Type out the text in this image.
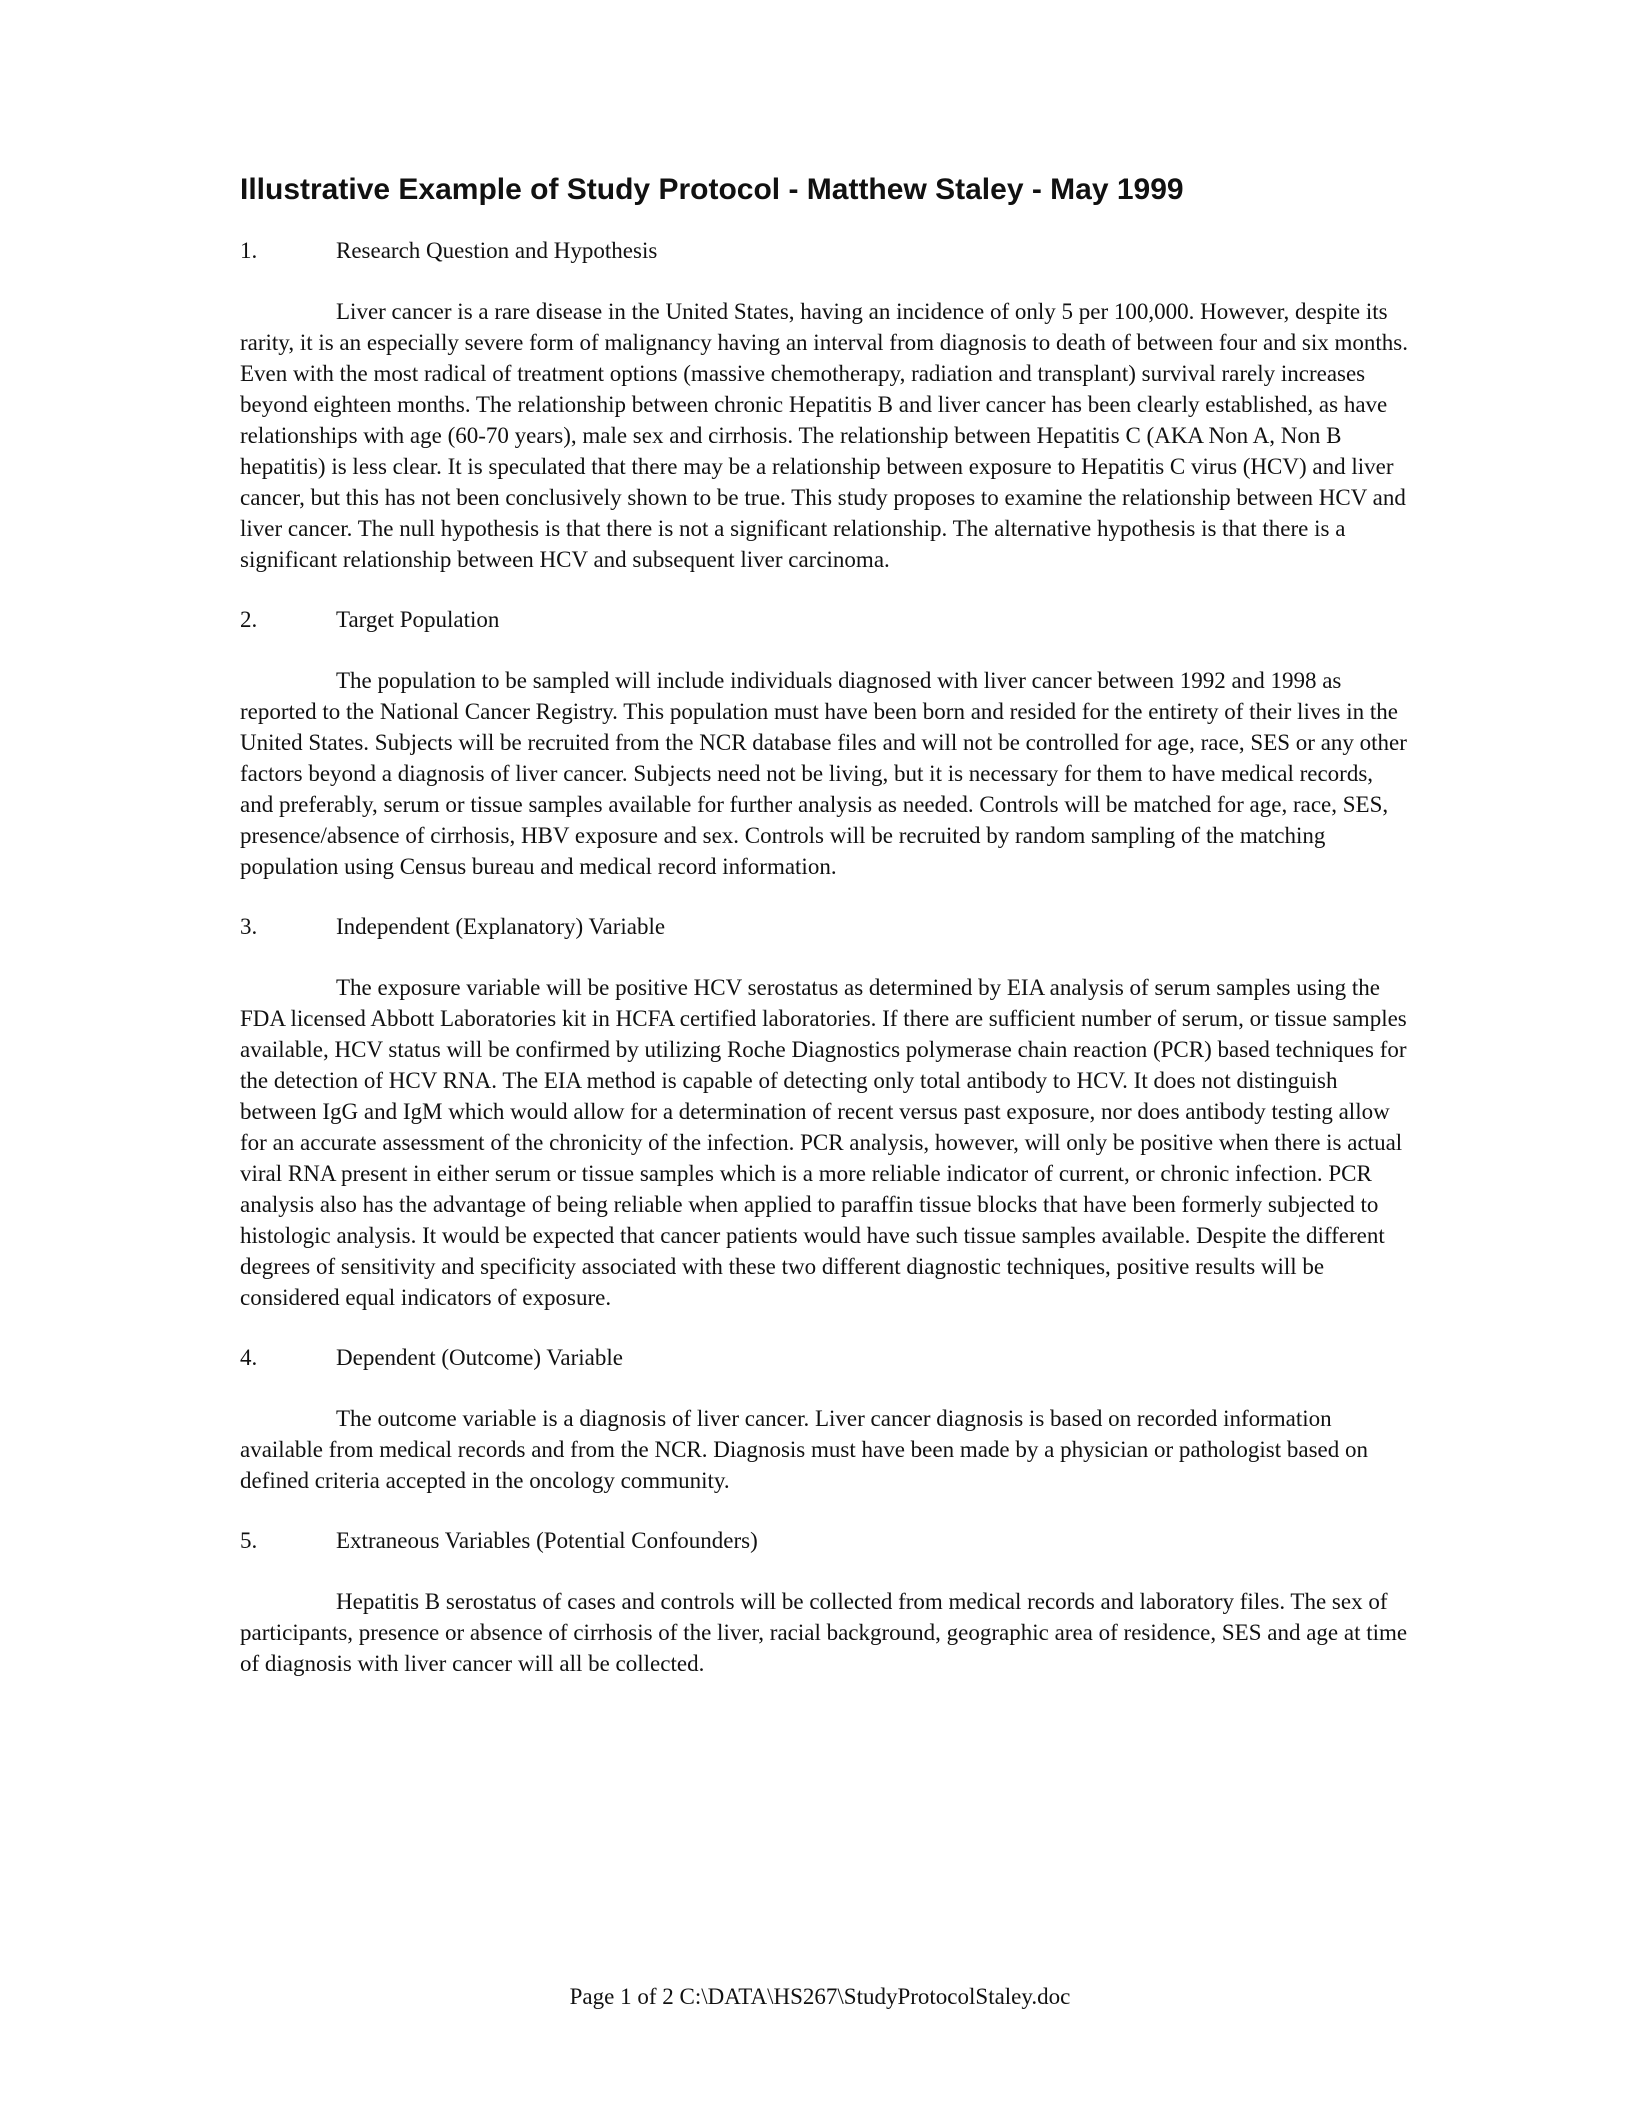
Illustrative Example of Study Protocol - Matthew Staley - May 1999
1.	Research Question and Hypothesis

Liver cancer is a rare disease in the United States, having an incidence of only 5 per 100,000. However, despite its rarity, it is an especially severe form of malignancy having an interval from diagnosis to death of between four and six months. Even with the most radical of treatment options (massive chemotherapy, radiation and transplant) survival rarely increases beyond eighteen months. The relationship between chronic Hepatitis B and liver cancer has been clearly established, as have relationships with age (60-70 years), male sex and cirrhosis. The relationship between Hepatitis C (AKA Non A, Non B hepatitis) is less clear. It is speculated that there may be a relationship between exposure to Hepatitis C virus (HCV) and liver cancer, but this has not been conclusively shown to be true. This study proposes to examine the relationship between HCV and liver cancer. The null hypothesis is that there is not a significant relationship. The alternative hypothesis is that there is a significant relationship between HCV and subsequent liver carcinoma.

2.	Target Population

The population to be sampled will include individuals diagnosed with liver cancer between 1992 and 1998 as reported to the National Cancer Registry. This population must have been born and resided for the entirety of their lives in the United States. Subjects will be recruited from the NCR database files and will not be controlled for age, race, SES or any other factors beyond a diagnosis of liver cancer. Subjects need not be living, but it is necessary for them to have medical records, and preferably, serum or tissue samples available for further analysis as needed. Controls will be matched for age, race, SES, presence/absence of cirrhosis, HBV exposure and sex. Controls will be recruited by random sampling of the matching population using Census bureau and medical record information.

3.	Independent (Explanatory) Variable

The exposure variable will be positive HCV serostatus as determined by EIA analysis of serum samples using the FDA licensed Abbott Laboratories kit in HCFA certified laboratories. If there are sufficient number of serum, or tissue samples available, HCV status will be confirmed by utilizing Roche Diagnostics polymerase chain reaction (PCR) based techniques for the detection of HCV RNA. The EIA method is capable of detecting only total antibody to HCV. It does not distinguish between IgG and IgM which would allow for a determination of recent versus past exposure, nor does antibody testing allow for an accurate assessment of the chronicity of the infection. PCR analysis, however, will only be positive when there is actual viral RNA present in either serum or tissue samples which is a more reliable indicator of current, or chronic infection. PCR analysis also has the advantage of being reliable when applied to paraffin tissue blocks that have been formerly subjected to histologic analysis. It would be expected that cancer patients would have such tissue samples available. Despite the different degrees of sensitivity and specificity associated with these two different diagnostic techniques, positive results will be considered equal indicators of exposure.

4.	Dependent (Outcome) Variable

The outcome variable is a diagnosis of liver cancer. Liver cancer diagnosis is based on recorded information available from medical records and from the NCR. Diagnosis must have been made by a physician or pathologist based on defined criteria accepted in the oncology community.

5.	Extraneous Variables (Potential Confounders)

Hepatitis B serostatus of cases and controls will be collected from medical records and laboratory files. The sex of participants, presence or absence of cirrhosis of the liver, racial background, geographic area of residence, SES and age at time of diagnosis with liver cancer will all be collected.

Page 1 of 2 C:\DATA\HS267\StudyProtocolStaley.doc
